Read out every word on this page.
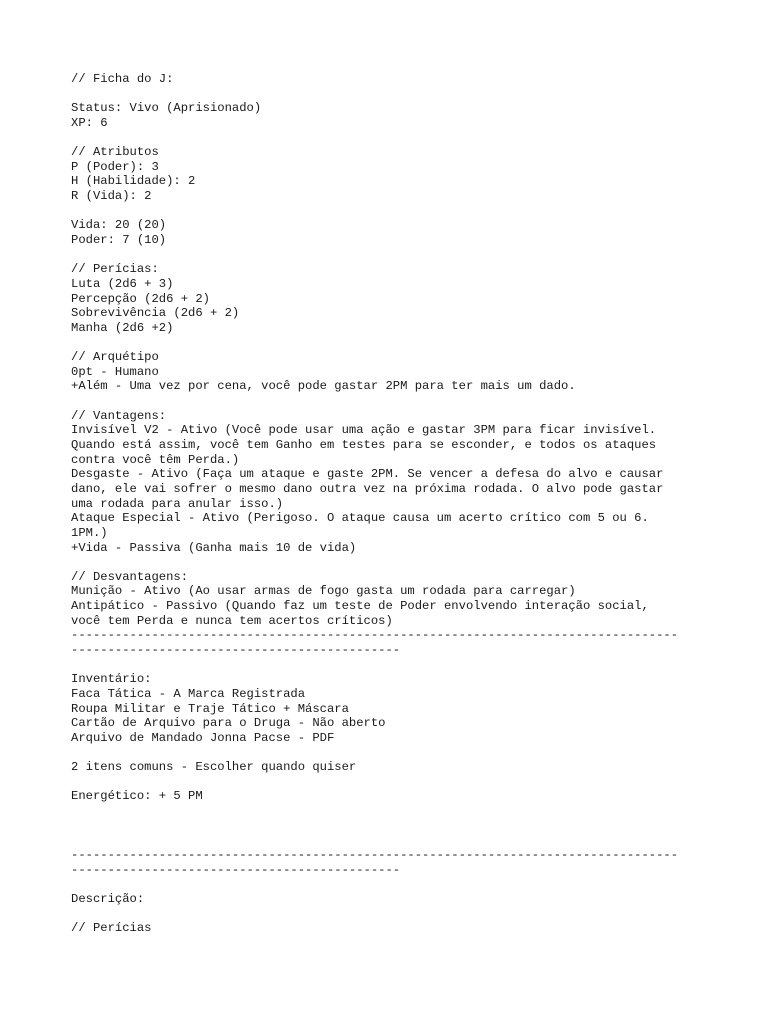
// Ficha do J:
Status: Vivo (Aprisionado)
XP: 6
// Atributos
P (Poder): 3
H (Habilidade): 2
R (Vida): 2
Vida: 20 (20)
Poder: 7 (10)
// Perícias:
Luta (2d6 + 3)
Percepção (2d6 + 2)
Sobrevivência (2d6 + 2)
Manha (2d6 +2)
// Arquétipo
0pt - Humano
+Além - Uma vez por cena, você pode gastar 2PM para ter mais um dado.
// Vantagens:
Invisível V2 - Ativo (Você pode usar uma ação e gastar 3PM para ficar invisível.
Quando está assim, você tem Ganho em testes para se esconder, e todos os ataques
contra você têm Perda.)
Desgaste - Ativo (Faça um ataque e gaste 2PM. Se vencer a defesa do alvo e causar
dano, ele vai sofrer o mesmo dano outra vez na próxima rodada. O alvo pode gastar
uma rodada para anular isso.)
Ataque Especial - Ativo (Perigoso. O ataque causa um acerto crítico com 5 ou 6.
1PM.)
+Vida - Passiva (Ganha mais 10 de vida)
// Desvantagens:
Munição - Ativo (Ao usar armas de fogo gasta um rodada para carregar)
Antipático - Passivo (Quando faz um teste de Poder envolvendo interação social,
você tem Perda e nunca tem acertos críticos)
-----------------------------------------------------------------------------------
---------------------------------------------
Inventário:
Faca Tática - A Marca Registrada
Roupa Militar e Traje Tático + Máscara
Cartão de Arquivo para o Druga - Não aberto
Arquivo de Mandado Jonna Pacse - PDF
2 itens comuns - Escolher quando quiser
Energético: + 5 PM
-----------------------------------------------------------------------------------
---------------------------------------------
Descrição:
// Perícias
